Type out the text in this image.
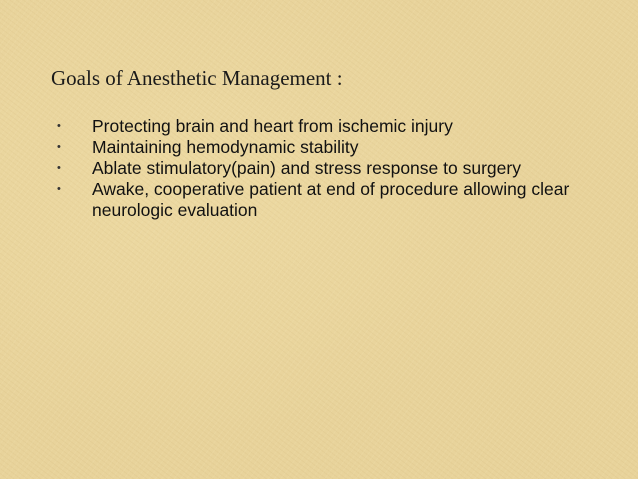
Goals of Anesthetic Management :
• Protecting brain and heart from ischemic injury
• Maintaining hemodynamic stability
• Ablate stimulatory(pain) and stress response to surgery
• Awake, cooperative patient at end of procedure allowing clear neurologic evaluation
